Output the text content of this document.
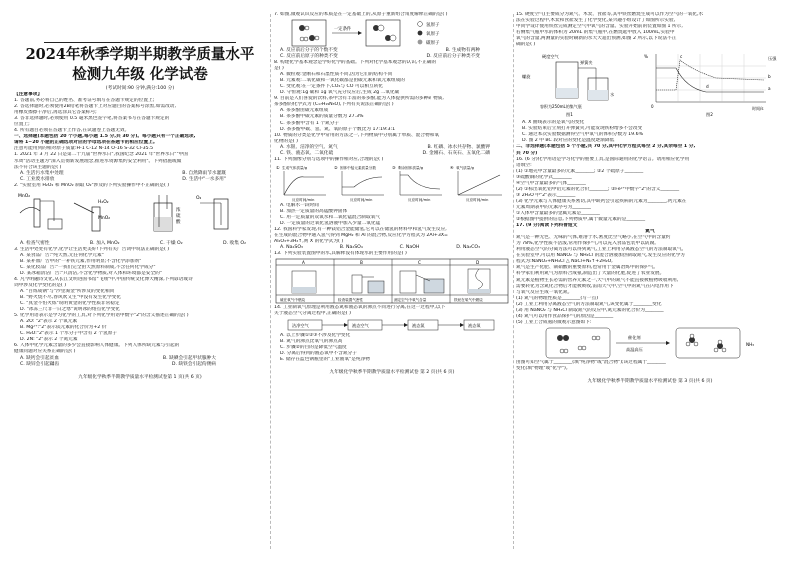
2024年秋季学期半期教学质量水平
检测九年级 化学试卷
(考试时间:90 分钟,满分:100 分)
【注意事项】
1. 答题前,务必将自己的姓名、准考证号填写在答题卡规定的位置上;
2. 答选择题时,必须使用2B铅笔将答题卡上对应题目的答案标号涂黑,如需改动,
用橡皮擦擦干净后,再选涂其它答案标号;
3. 答非选择题时,必须使用 0.5 毫米黑色签字笔,将答案书写在答题卡规定的
位置上;
4. 所有题目必须在答题卡上作答,在试题卷上答题无效。
一、选择题(本题包括 20 个小题,每小题 1.5 分,共 30 分)。每小题只有一个正确选项,
请将 1~20 小题的正确选项对应的字母选项在答题卡的相应位置上。
注意可能用到的相对原子质量:H-1 C-12 N-14 O-16 S-32 Cl-35.5
1. 2021 年 3 月 22 日是第二十九届"世界水日",我国纪念 2021 年"世界水日""中国
水周"活动主题为"深入贯彻新发展理念,推进水资源集约安全利用"。下列措施或做
法不符合该主题的是( )
A. 生活污水集中处理	B. 自然降雨节水灌溉
C. 工业废水排放	D. 生活中"一水多用"
2. "实验室用 H₂O₂ 和 MnO₂ 制取 O₂"涉及的下列实验操作中不正确的是( )
MnO₂
H₂O₂
MnO₂
浓
硫
酸
O₂
A. 检查气密性	B. 加入 MnO₂	C. 干燥 O₂	D. 收集 O₂
3. 生活中处处有化学,化学让生活更美好!下列有关广告词中说法正确的是( )
A. 某食品广告:"纯天然,无任何化学元素"
B. 某补血广告中的"一补铁元素,作用明显;不含化学添加剂"
C. 某化妆品广告:"一我们完全由天然原料制成,不含任何化学成分"
D. 某冰箱清洁广告:"只清洁,不含化学物质,对人体和环境都是安全的"
4. 凡今明融诗文化,从长江文明进国书馆"飞翔"中,中国传统文化博大精深,下列谚语或诗
词中涉及化学变化的是( )
A. "百炼成钢"与"沙里淘金"所涉及的变化相同
B. "野火烧不尽,春风吹又生"中没有发生化学变化
C. "真金不怕火炼"说明黄金的化学性质非常稳定
D. "冰冻三尺非一日之寒"说明冰的熔点化学变化
5. 化学用语表示是学习化学的工具,对下列化学用语中数字"2"的含义描述正确的是( )
A. 2O: "2"表示 2 个氧元素
B. Mg²⁺:"2"表示镁元素的化合价为+2 价
C. H₂O:"2"表示 1 个水分子中含有 2 个氢原子
D. 2N: "2"表示 2 个氮元素
6. 人体中化学元素含量的多少会直接影响人体健康。下列人体所缺元素与引起的
健康问题对应关系正确的是( )
A. 缺钙会引起贫血	B. 缺碘会引起甲状腺肿大
C. 缺锌会引起龋齿	D. 缺铁会引起佝偻病
九年级化学秋季半期教学质量水平检测试卷第 1 页(共 6 页)
7. 如图,微观认识反应的本质是在一定基础上的,从原子重新组合角度解释正确的是( )
一定条件
氢原子
氧原子
碳原子
A. 反应前后分子的个数不变	B. 生成物有两种
C. 反应前后原子的种类不变	D. 反应前后分子种类不变
8. 构建化学基本观念是学好化学的基础。下列对化学基本观念的认识,不正确的
是( )
A. 微粒观:金刚石和石墨性质不同,因为它们的结构不同
B. 元素观:二氧化碳和一氧化碳都是由碳元素和氧元素组成的
C. 变化观:在一定条件下,CO₂与 CO 可以相互转化
D. 守恒观:1g 碳和 1g 氧气充分反应后,生成 2g 二氧化碳
9. 目前是人们喜爱的饮料,茶中含有丰富的茶多酚,能为人体提供所需的多种矿物质,
茶多酚的化学式为 (C₁₇H₁₉N₃O),下列有关说法正确的是( )
A. 茶多酚由碳元素组成
B. 茶多酚中碳元素的质量分数为 27.3%
C. 茶多酚中含有 1 个氮分子
D. 茶多酚中碳、氢、氮、氧的原子个数比为 17:19:3:1
10. 物质的分类是化学中常用的方法之一,下列物质中分别属于单质、混合物和氧
化物的是( )
A. 水银、洁净的空气、氮气	B. 红磷、冰水共存物、氯酸钾
C. 铁、液态氧、二氧化硫	D. 金刚石、石灰石、五氧化二磷
11. 下列图像分别与选项中的操作相对应,合理的是( )
① 生成气体质量/g	② 固体中锰元素质量分数	③ 剩余固体质量/g	④ 氧气质量/g
反应时间/min	反应时间/min	反应时间/min	反应时间/min
A. 电解水一段时间
B. 加热一定质量的高锰酸钾固体
C. 用一定质量的双氧水和二氧化锰混合制取氧气
D. 一定质量的过氧化氢溶液中加入少量二氧化锰
12. 我国科学家发现,有一种镁铝合金能储氢,它可以在储氢的材料中和氢气发生反应,
在生成的混合物中通入氢气得到 MgH₂ 和 Al 的混合物,反应化学方程式为 2Al+3X=
Al₂O₃+3H₂↑,则 X 的化学式为( )
A. Na₂SO₃	B. Na₂SO₄	C. NaOH	D. Na₂CO₃
13. 下列实验装置图中的水,其解释没有体现水的主要作用的是( )
A	B	C	D
硫在氧气中燃烧	检查装置气密性	测定空气中氧气含量	铁丝在氧气中燃烧
14. 工业制氧气原理是利用液态氮和液态氧的沸点不同进行分离,在这一过程中,以下
关于液态空气分离过程中,正确的是( )
洁净空气	液态空气	液态氮	液态氧
A. 以上步骤①②③不涉及化学变化
B. 氮气的沸点比氧气的沸点高
C. 步骤②的目的是降低空气温度
D. 分离后得到的液态氧中不含氮分子
E. 储存在蓝色钢瓶里的"工业液氧"是纯净物
九年级化学秋季半期教学质量水平检测试卷 第 2 页(共 6 页)
15. 硬度空气(主要成分为氮气、木炭、食盐等,其中铁丝燃烧生成可以作为空气的一氧化,水
法在实验过程中,木炭和食盐发生了化学变化,某兴趣小组设计了如图所示实验,
甲同学设计使用铁丝完成测定空气中氧气的含量。实验开始前的装置如图 1 所示,
右侧集气瓶中水的体积为 20mL 的集气瓶中,在燃烧匙中放入 100mL,实验中
氧气的含量,两测量的实验时刷新的水大大超出预测,如图 2 所示,以下说法不正
确的是( )
硬度空气
弹簧夹
螺旋
水
容积为250mL的集气瓶
图1
%	压强
b
a
c
d
时间/s
0
图2
A. X 曲线表示的是氧气的变化
B. 实验结束后立刻打开弹簧夹,可能发现铁粉增多不会改变
C. 通过本次实验数据测得空气中氧气的体积分数为 19.6%
D. 图 2 中 BC 段对应的变化是温度逐渐降低
二、非选择题(本题包括 5 个小题,共 70 分,其中化学方程式每空 2 分,其余每空 1 分,
共 70 分)
16. (6 分)化学用语是学习化学的重要工具,是国际通用的化学语言。请用相应化学用
语填空:
(1) ①地壳中含量最多的元素________; ②2 个硫原子________
③硫酸铜的化学式________
④空气中含量最多的气体________
(2) ①标出氧化铝中铝元素的化合价________; ②Fe²⁺中数字"2"的含义________
③ 2H₂O 中"2"表示________
(3) 化学元素与人体健康关系密切,其中缺钙会引起疾病的元素为________,钙元素在
元素周期表中的元素序号为________
①人体中含量最多的金属元素是________
②根据图中提供的信息,下列物质中,属于微量元素的是________
17. (9 分)阅读下列科普短文
氮气
氮气是一种无色、无味的气体,难溶于水,密度比空气略小,在空气中的含量约
为 78%,化学性质不活泼,常用作保护气,可以充入食品包装中以防腐。
利用液态空气的分离方法可以得到氮气,工业上利用分离液态空气的方法制取氧气。
在实验室中,可以用 NaNO₂ 与 NH₄Cl 的混合溶液加热制取氮气,发生反应的化学方
程式为:NaNO₂+NH₄Cl △ NaCl+N₂↑+2H₂O,
氮气是生产化肥、制硝酸的重要原料,也常用于金属冶炼中的保护气。
科学家们利用氮气为原料合成氨,制造出了大量的化肥,促进了农业发展。
氮元素是植物生长必需的营养元素之一,大气中的氮气不能直接被植物吸收利用,
需要转化为含氮化合物后才能被吸收,雷雨天气中,空气中的氮气在闪电作用下
与氧气反应生成一氧化氮。
(1) 氮气的物理性质是________(写一点)
(2) 工业上利用分离液态空气的方法制取氮气,该变化属于________变化
(3) 用 NaNO₂ 与 NH₄Cl 制取氮气的反应中,氮元素的化合价为________
(4) 氮气可以用作食品保护气的原因是________
(5) 工业上合成氨的微观示意图如下:
催化剂
高温高压
NH₃
由图可知空气属于________(填"纯净物"或"混合物");该过程属于________
变化(填"物理"或"化学")。
九年级化学秋季半期教学质量水平检测试卷 第 3 页(共 6 页)
